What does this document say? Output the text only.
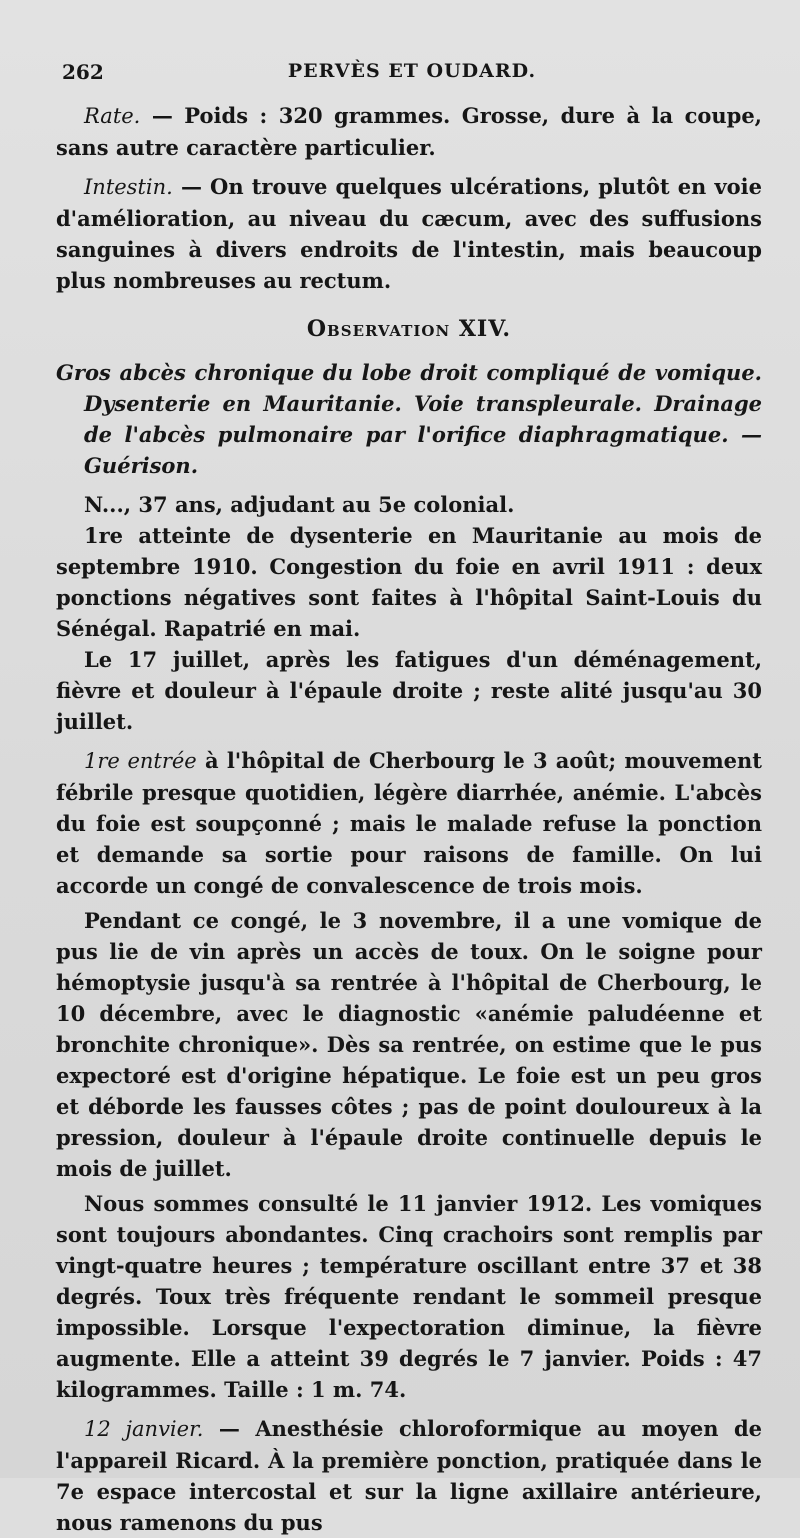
262	PERVÈS ET OUDARD.

Rate. — Poids : 320 grammes. Grosse, dure à la coupe, sans autre caractère particulier.

Intestin. — On trouve quelques ulcérations, plutôt en voie d'amélioration, au niveau du cæcum, avec des suffusions sanguines à divers endroits de l'intestin, mais beaucoup plus nombreuses au rectum.

Observation XIV.

Gros abcès chronique du lobe droit compliqué de vomique. Dysenterie en Mauritanie. Voie transpleurale. Drainage de l'abcès pulmonaire par l'orifice diaphragmatique. — Guérison.

N..., 37 ans, adjudant au 5e colonial.

1re atteinte de dysenterie en Mauritanie au mois de septembre 1910. Congestion du foie en avril 1911 : deux ponctions négatives sont faites à l'hôpital Saint-Louis du Sénégal. Rapatrié en mai.

Le 17 juillet, après les fatigues d'un déménagement, fièvre et douleur à l'épaule droite ; reste alité jusqu'au 30 juillet.

1re entrée à l'hôpital de Cherbourg le 3 août; mouvement fébrile presque quotidien, légère diarrhée, anémie. L'abcès du foie est soupçonné ; mais le malade refuse la ponction et demande sa sortie pour raisons de famille. On lui accorde un congé de convalescence de trois mois.

Pendant ce congé, le 3 novembre, il a une vomique de pus lie de vin après un accès de toux. On le soigne pour hémoptysie jusqu'à sa rentrée à l'hôpital de Cherbourg, le 10 décembre, avec le diagnostic «anémie paludéenne et bronchite chronique». Dès sa rentrée, on estime que le pus expectoré est d'origine hépatique. Le foie est un peu gros et déborde les fausses côtes ; pas de point douloureux à la pression, douleur à l'épaule droite continuelle depuis le mois de juillet.

Nous sommes consulté le 11 janvier 1912. Les vomiques sont toujours abondantes. Cinq crachoirs sont remplis par vingt-quatre heures ; température oscillant entre 37 et 38 degrés. Toux très fréquente rendant le sommeil presque impossible. Lorsque l'expectoration diminue, la fièvre augmente. Elle a atteint 39 degrés le 7 janvier. Poids : 47 kilogrammes. Taille : 1 m. 74.

12 janvier. — Anesthésie chloroformique au moyen de l'appareil Ricard. À la première ponction, pratiquée dans le 7e espace intercostal et sur la ligne axillaire antérieure, nous ramenons du pus
